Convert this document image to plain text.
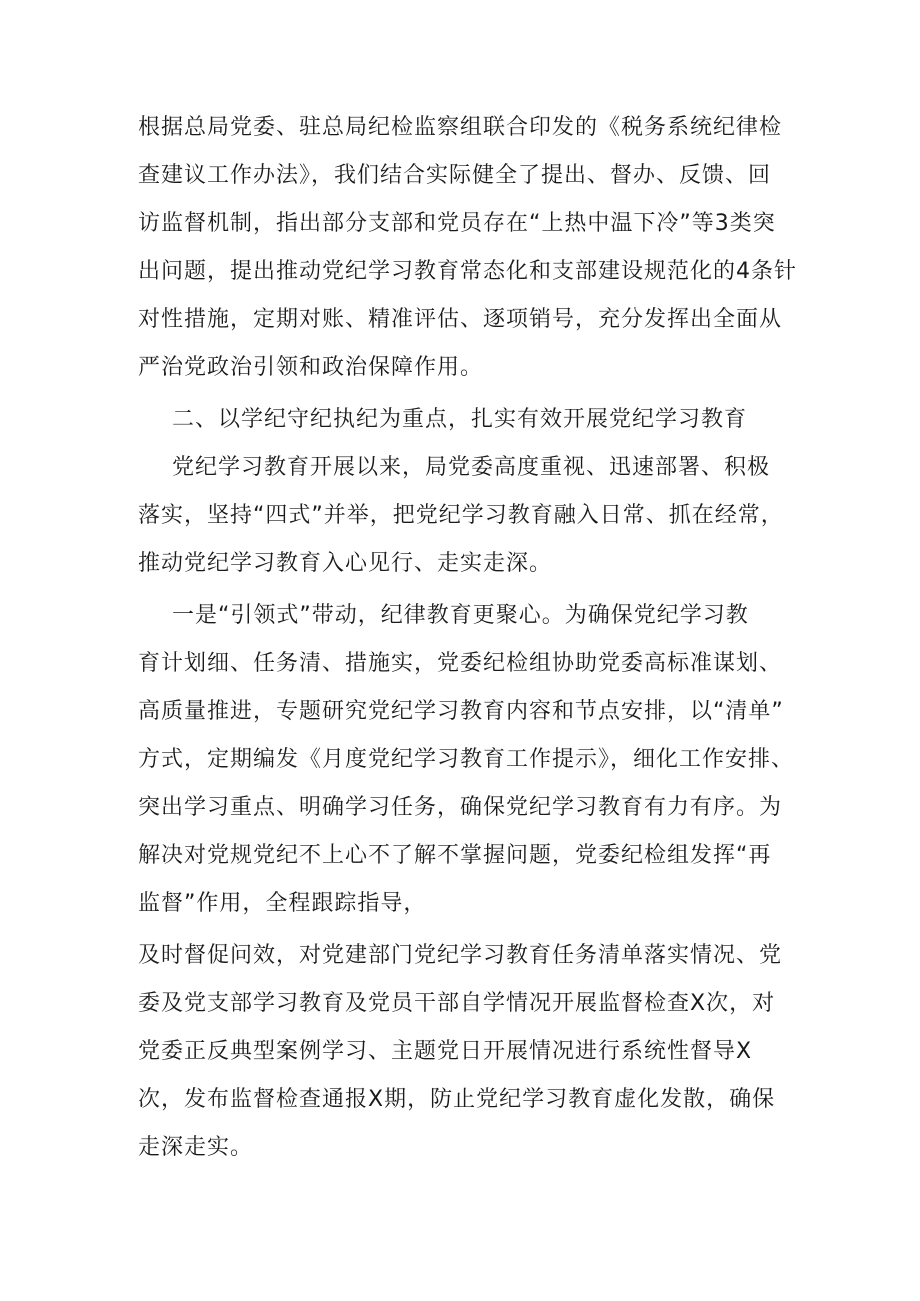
根据总局党委、驻总局纪检监察组联合印发的《税务系统纪律检
查建议工作办法》，我们结合实际健全了提出、督办、反馈、回
访监督机制，指出部分支部和党员存在“上热中温下冷”等3类突
出问题，提出推动党纪学习教育常态化和支部建设规范化的4条针
对性措施，定期对账、精准评估、逐项销号，充分发挥出全面从
严治党政治引领和政治保障作用。
二、以学纪守纪执纪为重点，扎实有效开展党纪学习教育
党纪学习教育开展以来，局党委高度重视、迅速部署、积极
落实，坚持“四式”并举，把党纪学习教育融入日常、抓在经常，
推动党纪学习教育入心见行、走实走深。
一是“引领式”带动，纪律教育更聚心。为确保党纪学习教
育计划细、任务清、措施实，党委纪检组协助党委高标准谋划、
高质量推进，专题研究党纪学习教育内容和节点安排，以“清单”
方式，定期编发《月度党纪学习教育工作提示》，细化工作安排、
突出学习重点、明确学习任务，确保党纪学习教育有力有序。为
解决对党规党纪不上心不了解不掌握问题，党委纪检组发挥“再
监督”作用，全程跟踪指导，
及时督促问效，对党建部门党纪学习教育任务清单落实情况、党
委及党支部学习教育及党员干部自学情况开展监督检查X次，对
党委正反典型案例学习、主题党日开展情况进行系统性督导X
次，发布监督检查通报X期，防止党纪学习教育虚化发散，确保
走深走实。
